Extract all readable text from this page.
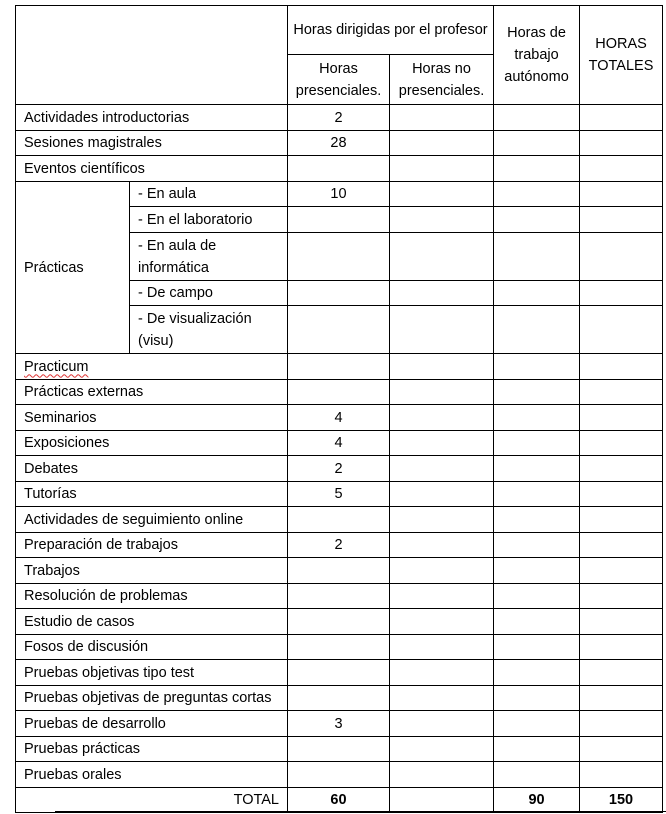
		Horas dirigidas por el profesor		Horas de trabajo autónomo	HORAS TOTALES
		Horas presenciales.	Horas no presenciales.		
Actividades introductorias		2			
Sesiones magistrales		28			
Eventos científicos					
Prácticas	- En aula	10			
	- En el laboratorio				
	- En aula de informática				
	- De campo				
	- De visualización (visu)				
Practicum					
Prácticas externas					
Seminarios		4			
Exposiciones		4			
Debates		2			
Tutorías		5			
Actividades de seguimiento online					
Preparación de trabajos		2			
Trabajos					
Resolución de problemas					
Estudio de casos					
Fosos de discusión					
Pruebas objetivas tipo test					
Pruebas objetivas de preguntas cortas					
Pruebas de desarrollo		3			
Pruebas prácticas					
Pruebas orales					
TOTAL		60		90	150
